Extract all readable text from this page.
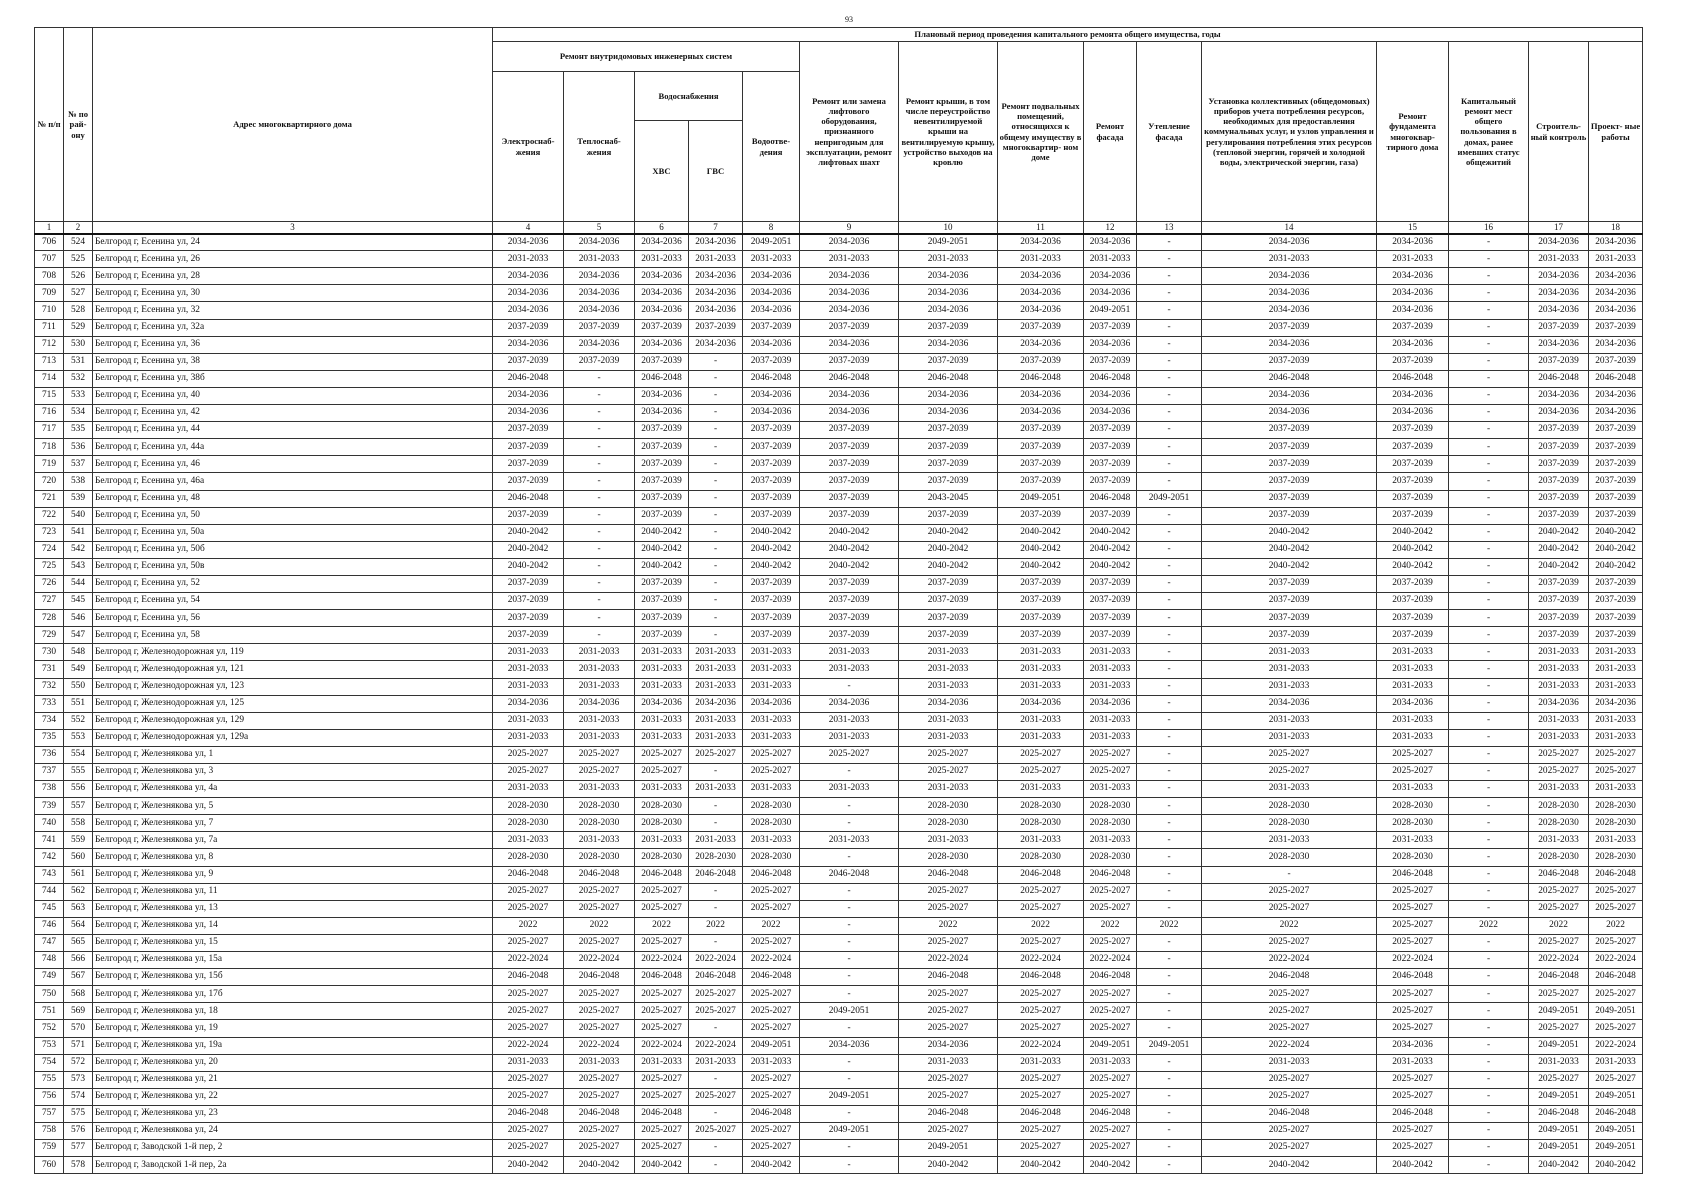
93
№ п/п	№ по рай- ону	Адрес многоквартирного дома	Плановый период проведения капитального ремонта общего имущества, годы														
			Ремонт внутридомовых инженерных систем					Ремонт или замена лифтового оборудования, признанного непригодным для эксплуатации, ремонт лифтовых шахт	Ремонт крыши, в том числе переустройство невентилируемой крыши на вентилируемую крышу, устройство выходов на кровлю	Ремонт подвальных помещений, относящихся к общему имуществу в многоквартир- ном доме	Ремонт фасада	Утепление фасада	Установка коллективных (общедомовых) приборов учета потребления ресурсов, необходимых для предоставления коммунальных услуг, и узлов управления и регулирования потребления этих ресурсов (тепловой энергии, горячей и холодной воды, электрической энергии, газа)	Ремонт фундамента многоквар- тирного дома	Капитальный ремонт мест общего пользования в домах, ранее имевших статус общежитий	Строитель- ный контроль	Проект- ные работы
			Электроснаб- жения	Теплоснаб- жения	Водоснабжения		Водоотве- дения										
					ХВС	ГВС											
1	2	3	4	5	6	7	8	9	10	11	12	13	14	15	16	17	18
706	524	Белгород г, Есенина ул, 24	2034-2036	2034-2036	2034-2036	2034-2036	2049-2051	2034-2036	2049-2051	2034-2036	2034-2036	-	2034-2036	2034-2036	-	2034-2036	2034-2036
707	525	Белгород г, Есенина ул, 26	2031-2033	2031-2033	2031-2033	2031-2033	2031-2033	2031-2033	2031-2033	2031-2033	2031-2033	-	2031-2033	2031-2033	-	2031-2033	2031-2033
708	526	Белгород г, Есенина ул, 28	2034-2036	2034-2036	2034-2036	2034-2036	2034-2036	2034-2036	2034-2036	2034-2036	2034-2036	-	2034-2036	2034-2036	-	2034-2036	2034-2036
709	527	Белгород г, Есенина ул, 30	2034-2036	2034-2036	2034-2036	2034-2036	2034-2036	2034-2036	2034-2036	2034-2036	2034-2036	-	2034-2036	2034-2036	-	2034-2036	2034-2036
710	528	Белгород г, Есенина ул, 32	2034-2036	2034-2036	2034-2036	2034-2036	2034-2036	2034-2036	2034-2036	2034-2036	2049-2051	-	2034-2036	2034-2036	-	2034-2036	2034-2036
711	529	Белгород г, Есенина ул, 32а	2037-2039	2037-2039	2037-2039	2037-2039	2037-2039	2037-2039	2037-2039	2037-2039	2037-2039	-	2037-2039	2037-2039	-	2037-2039	2037-2039
712	530	Белгород г, Есенина ул, 36	2034-2036	2034-2036	2034-2036	2034-2036	2034-2036	2034-2036	2034-2036	2034-2036	2034-2036	-	2034-2036	2034-2036	-	2034-2036	2034-2036
713	531	Белгород г, Есенина ул, 38	2037-2039	2037-2039	2037-2039	-	2037-2039	2037-2039	2037-2039	2037-2039	2037-2039	-	2037-2039	2037-2039	-	2037-2039	2037-2039
714	532	Белгород г, Есенина ул, 38б	2046-2048	-	2046-2048	-	2046-2048	2046-2048	2046-2048	2046-2048	2046-2048	-	2046-2048	2046-2048	-	2046-2048	2046-2048
715	533	Белгород г, Есенина ул, 40	2034-2036	-	2034-2036	-	2034-2036	2034-2036	2034-2036	2034-2036	2034-2036	-	2034-2036	2034-2036	-	2034-2036	2034-2036
716	534	Белгород г, Есенина ул, 42	2034-2036	-	2034-2036	-	2034-2036	2034-2036	2034-2036	2034-2036	2034-2036	-	2034-2036	2034-2036	-	2034-2036	2034-2036
717	535	Белгород г, Есенина ул, 44	2037-2039	-	2037-2039	-	2037-2039	2037-2039	2037-2039	2037-2039	2037-2039	-	2037-2039	2037-2039	-	2037-2039	2037-2039
718	536	Белгород г, Есенина ул, 44а	2037-2039	-	2037-2039	-	2037-2039	2037-2039	2037-2039	2037-2039	2037-2039	-	2037-2039	2037-2039	-	2037-2039	2037-2039
719	537	Белгород г, Есенина ул, 46	2037-2039	-	2037-2039	-	2037-2039	2037-2039	2037-2039	2037-2039	2037-2039	-	2037-2039	2037-2039	-	2037-2039	2037-2039
720	538	Белгород г, Есенина ул, 46а	2037-2039	-	2037-2039	-	2037-2039	2037-2039	2037-2039	2037-2039	2037-2039	-	2037-2039	2037-2039	-	2037-2039	2037-2039
721	539	Белгород г, Есенина ул, 48	2046-2048	-	2037-2039	-	2037-2039	2037-2039	2043-2045	2049-2051	2046-2048	2049-2051	2037-2039	2037-2039	-	2037-2039	2037-2039
722	540	Белгород г, Есенина ул, 50	2037-2039	-	2037-2039	-	2037-2039	2037-2039	2037-2039	2037-2039	2037-2039	-	2037-2039	2037-2039	-	2037-2039	2037-2039
723	541	Белгород г, Есенина ул, 50а	2040-2042	-	2040-2042	-	2040-2042	2040-2042	2040-2042	2040-2042	2040-2042	-	2040-2042	2040-2042	-	2040-2042	2040-2042
724	542	Белгород г, Есенина ул, 50б	2040-2042	-	2040-2042	-	2040-2042	2040-2042	2040-2042	2040-2042	2040-2042	-	2040-2042	2040-2042	-	2040-2042	2040-2042
725	543	Белгород г, Есенина ул, 50в	2040-2042	-	2040-2042	-	2040-2042	2040-2042	2040-2042	2040-2042	2040-2042	-	2040-2042	2040-2042	-	2040-2042	2040-2042
726	544	Белгород г, Есенина ул, 52	2037-2039	-	2037-2039	-	2037-2039	2037-2039	2037-2039	2037-2039	2037-2039	-	2037-2039	2037-2039	-	2037-2039	2037-2039
727	545	Белгород г, Есенина ул, 54	2037-2039	-	2037-2039	-	2037-2039	2037-2039	2037-2039	2037-2039	2037-2039	-	2037-2039	2037-2039	-	2037-2039	2037-2039
728	546	Белгород г, Есенина ул, 56	2037-2039	-	2037-2039	-	2037-2039	2037-2039	2037-2039	2037-2039	2037-2039	-	2037-2039	2037-2039	-	2037-2039	2037-2039
729	547	Белгород г, Есенина ул, 58	2037-2039	-	2037-2039	-	2037-2039	2037-2039	2037-2039	2037-2039	2037-2039	-	2037-2039	2037-2039	-	2037-2039	2037-2039
730	548	Белгород г, Железнодорожная ул, 119	2031-2033	2031-2033	2031-2033	2031-2033	2031-2033	2031-2033	2031-2033	2031-2033	2031-2033	-	2031-2033	2031-2033	-	2031-2033	2031-2033
731	549	Белгород г, Железнодорожная ул, 121	2031-2033	2031-2033	2031-2033	2031-2033	2031-2033	2031-2033	2031-2033	2031-2033	2031-2033	-	2031-2033	2031-2033	-	2031-2033	2031-2033
732	550	Белгород г, Железнодорожная ул, 123	2031-2033	2031-2033	2031-2033	2031-2033	2031-2033	-	2031-2033	2031-2033	2031-2033	-	2031-2033	2031-2033	-	2031-2033	2031-2033
733	551	Белгород г, Железнодорожная ул, 125	2034-2036	2034-2036	2034-2036	2034-2036	2034-2036	2034-2036	2034-2036	2034-2036	2034-2036	-	2034-2036	2034-2036	-	2034-2036	2034-2036
734	552	Белгород г, Железнодорожная ул, 129	2031-2033	2031-2033	2031-2033	2031-2033	2031-2033	2031-2033	2031-2033	2031-2033	2031-2033	-	2031-2033	2031-2033	-	2031-2033	2031-2033
735	553	Белгород г, Железнодорожная ул, 129а	2031-2033	2031-2033	2031-2033	2031-2033	2031-2033	2031-2033	2031-2033	2031-2033	2031-2033	-	2031-2033	2031-2033	-	2031-2033	2031-2033
736	554	Белгород г, Железнякова ул, 1	2025-2027	2025-2027	2025-2027	2025-2027	2025-2027	2025-2027	2025-2027	2025-2027	2025-2027	-	2025-2027	2025-2027	-	2025-2027	2025-2027
737	555	Белгород г, Железнякова ул, 3	2025-2027	2025-2027	2025-2027	-	2025-2027	-	2025-2027	2025-2027	2025-2027	-	2025-2027	2025-2027	-	2025-2027	2025-2027
738	556	Белгород г, Железнякова ул, 4а	2031-2033	2031-2033	2031-2033	2031-2033	2031-2033	2031-2033	2031-2033	2031-2033	2031-2033	-	2031-2033	2031-2033	-	2031-2033	2031-2033
739	557	Белгород г, Железнякова ул, 5	2028-2030	2028-2030	2028-2030	-	2028-2030	-	2028-2030	2028-2030	2028-2030	-	2028-2030	2028-2030	-	2028-2030	2028-2030
740	558	Белгород г, Железнякова ул, 7	2028-2030	2028-2030	2028-2030	-	2028-2030	-	2028-2030	2028-2030	2028-2030	-	2028-2030	2028-2030	-	2028-2030	2028-2030
741	559	Белгород г, Железнякова ул, 7а	2031-2033	2031-2033	2031-2033	2031-2033	2031-2033	2031-2033	2031-2033	2031-2033	2031-2033	-	2031-2033	2031-2033	-	2031-2033	2031-2033
742	560	Белгород г, Железнякова ул, 8	2028-2030	2028-2030	2028-2030	2028-2030	2028-2030	-	2028-2030	2028-2030	2028-2030	-	2028-2030	2028-2030	-	2028-2030	2028-2030
743	561	Белгород г, Железнякова ул, 9	2046-2048	2046-2048	2046-2048	2046-2048	2046-2048	2046-2048	2046-2048	2046-2048	2046-2048	-	-	2046-2048	-	2046-2048	2046-2048
744	562	Белгород г, Железнякова ул, 11	2025-2027	2025-2027	2025-2027	-	2025-2027	-	2025-2027	2025-2027	2025-2027	-	2025-2027	2025-2027	-	2025-2027	2025-2027
745	563	Белгород г, Железнякова ул, 13	2025-2027	2025-2027	2025-2027	-	2025-2027	-	2025-2027	2025-2027	2025-2027	-	2025-2027	2025-2027	-	2025-2027	2025-2027
746	564	Белгород г, Железнякова ул, 14	2022	2022	2022	2022	2022	-	2022	2022	2022	2022	2022	2025-2027	2022	2022	2022
747	565	Белгород г, Железнякова ул, 15	2025-2027	2025-2027	2025-2027	-	2025-2027	-	2025-2027	2025-2027	2025-2027	-	2025-2027	2025-2027	-	2025-2027	2025-2027
748	566	Белгород г, Железнякова ул, 15а	2022-2024	2022-2024	2022-2024	2022-2024	2022-2024	-	2022-2024	2022-2024	2022-2024	-	2022-2024	2022-2024	-	2022-2024	2022-2024
749	567	Белгород г, Железнякова ул, 15б	2046-2048	2046-2048	2046-2048	2046-2048	2046-2048	-	2046-2048	2046-2048	2046-2048	-	2046-2048	2046-2048	-	2046-2048	2046-2048
750	568	Белгород г, Железнякова ул, 17б	2025-2027	2025-2027	2025-2027	2025-2027	2025-2027	-	2025-2027	2025-2027	2025-2027	-	2025-2027	2025-2027	-	2025-2027	2025-2027
751	569	Белгород г, Железнякова ул, 18	2025-2027	2025-2027	2025-2027	2025-2027	2025-2027	2049-2051	2025-2027	2025-2027	2025-2027	-	2025-2027	2025-2027	-	2049-2051	2049-2051
752	570	Белгород г, Железнякова ул, 19	2025-2027	2025-2027	2025-2027	-	2025-2027	-	2025-2027	2025-2027	2025-2027	-	2025-2027	2025-2027	-	2025-2027	2025-2027
753	571	Белгород г, Железнякова ул, 19а	2022-2024	2022-2024	2022-2024	2022-2024	2049-2051	2034-2036	2034-2036	2022-2024	2049-2051	2049-2051	2022-2024	2034-2036	-	2049-2051	2022-2024
754	572	Белгород г, Железнякова ул, 20	2031-2033	2031-2033	2031-2033	2031-2033	2031-2033	-	2031-2033	2031-2033	2031-2033	-	2031-2033	2031-2033	-	2031-2033	2031-2033
755	573	Белгород г, Железнякова ул, 21	2025-2027	2025-2027	2025-2027	-	2025-2027	-	2025-2027	2025-2027	2025-2027	-	2025-2027	2025-2027	-	2025-2027	2025-2027
756	574	Белгород г, Железнякова ул, 22	2025-2027	2025-2027	2025-2027	2025-2027	2025-2027	2049-2051	2025-2027	2025-2027	2025-2027	-	2025-2027	2025-2027	-	2049-2051	2049-2051
757	575	Белгород г, Железнякова ул, 23	2046-2048	2046-2048	2046-2048	-	2046-2048	-	2046-2048	2046-2048	2046-2048	-	2046-2048	2046-2048	-	2046-2048	2046-2048
758	576	Белгород г, Железнякова ул, 24	2025-2027	2025-2027	2025-2027	2025-2027	2025-2027	2049-2051	2025-2027	2025-2027	2025-2027	-	2025-2027	2025-2027	-	2049-2051	2049-2051
759	577	Белгород г, Заводской 1-й пер, 2	2025-2027	2025-2027	2025-2027	-	2025-2027	-	2049-2051	2025-2027	2025-2027	-	2025-2027	2025-2027	-	2049-2051	2049-2051
760	578	Белгород г, Заводской 1-й пер, 2а	2040-2042	2040-2042	2040-2042	-	2040-2042	-	2040-2042	2040-2042	2040-2042	-	2040-2042	2040-2042	-	2040-2042	2040-2042
